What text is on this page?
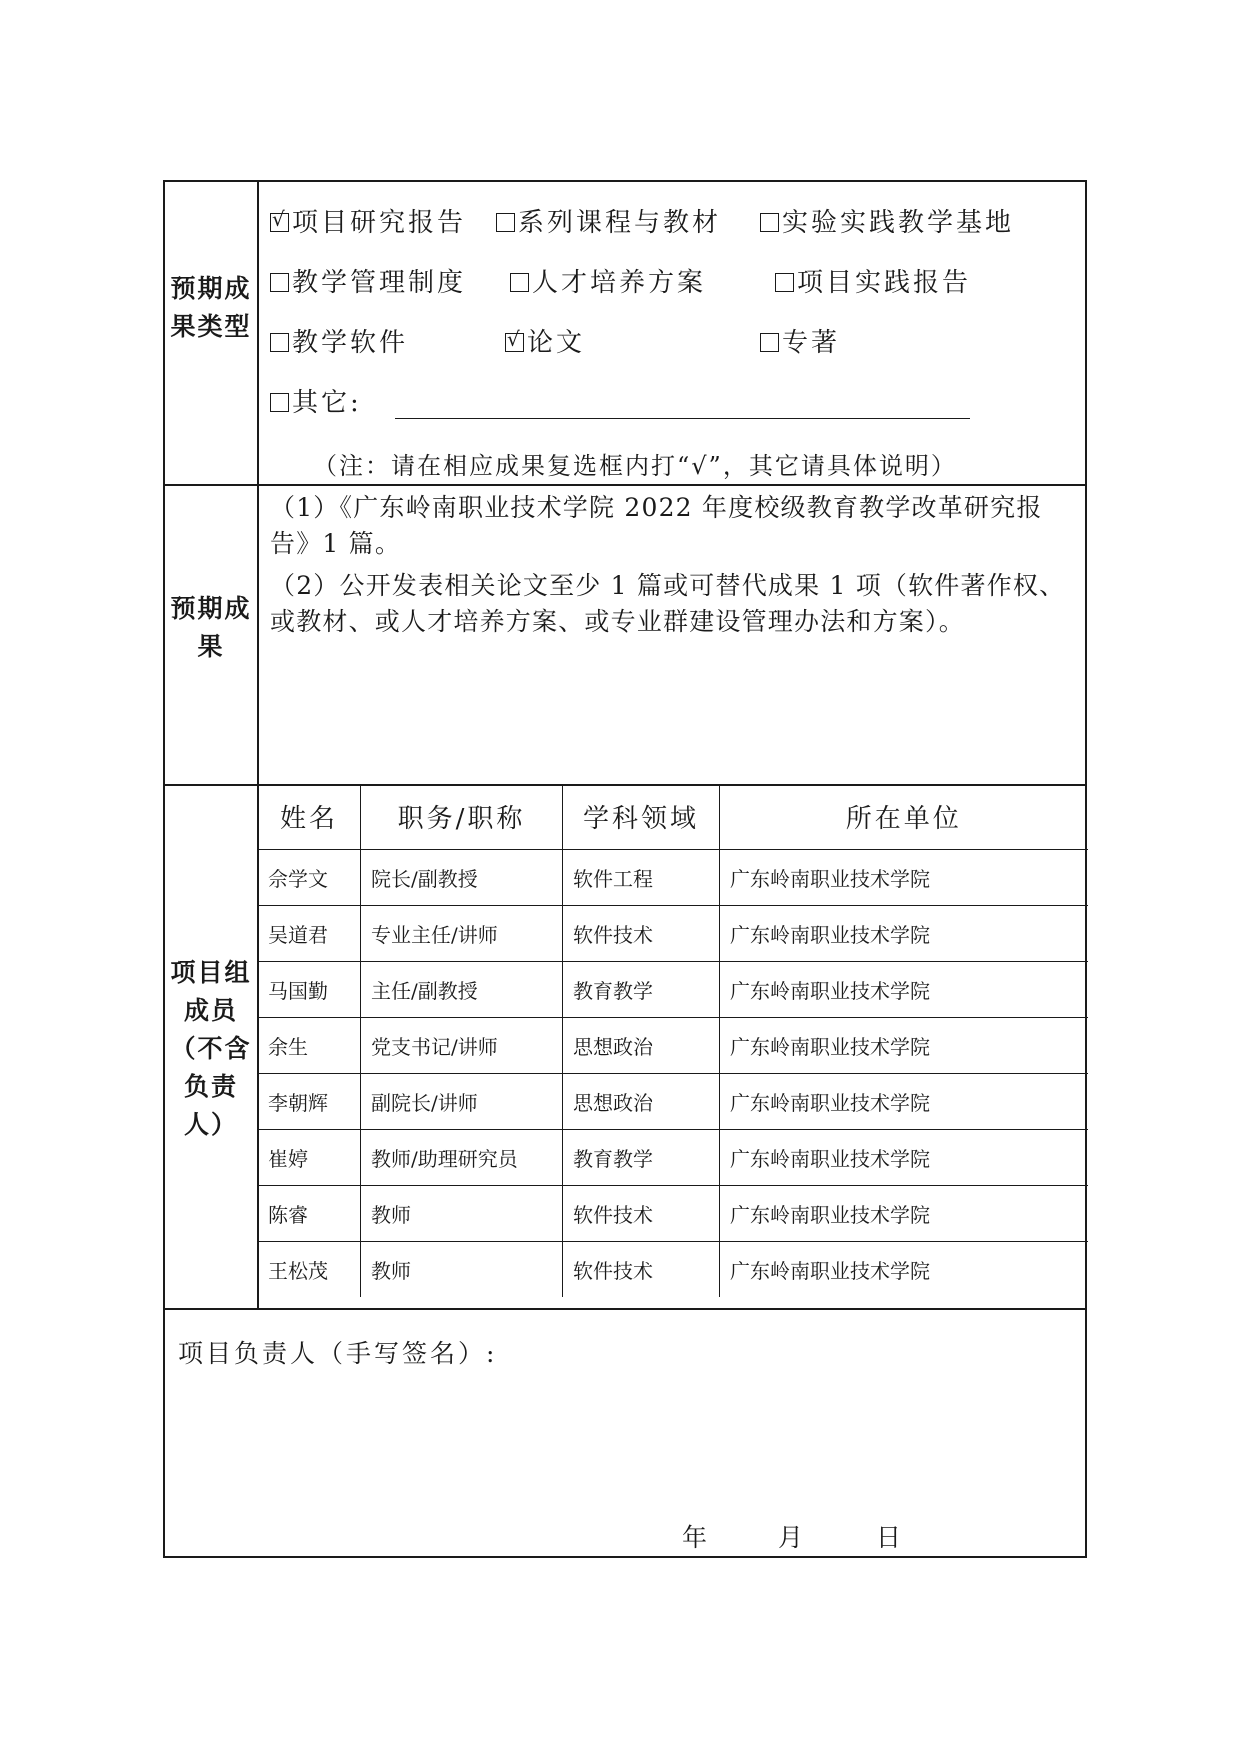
预期成果类型
√ 项目研究报告	系列课程与教材	实验实践教学基地
教学管理制度	人才培养方案	项目实践报告
教学软件	√ 论文	专著
其它:
（注：请在相应成果复选框内打“√”，其它请具体说明）
预期成果
（1）《广东岭南职业技术学院 2022 年度校级教育教学改革研究报告》1 篇。
（2）公开发表相关论文至少 1 篇或可替代成果 1 项（软件著作权、或教材、或人才培养方案、或专业群建设管理办法和方案）。
项目组成员（不含负责人）
姓名	职务/职称	学科领域	所在单位
佘学文	院长/副教授	软件工程	广东岭南职业技术学院
吴道君	专业主任/讲师	软件技术	广东岭南职业技术学院
马国勤	主任/副教授	教育教学	广东岭南职业技术学院
余生	党支书记/讲师	思想政治	广东岭南职业技术学院
李朝辉	副院长/讲师	思想政治	广东岭南职业技术学院
崔婷	教师/助理研究员	教育教学	广东岭南职业技术学院
陈睿	教师	软件技术	广东岭南职业技术学院
王松茂	教师	软件技术	广东岭南职业技术学院
项目负责人（手写签名）:
年	月	日
